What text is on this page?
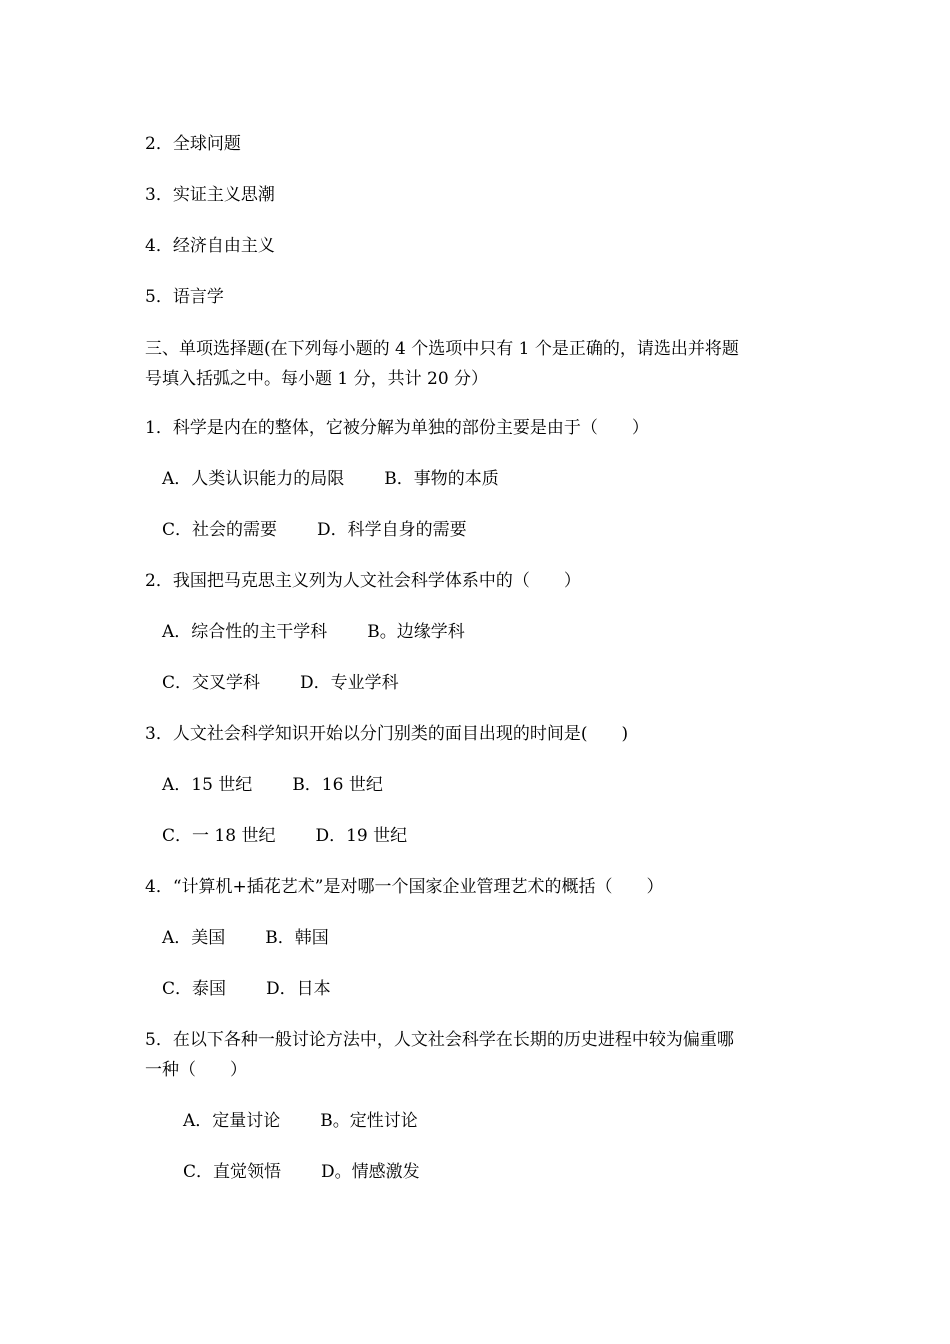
2．全球问题

3．实证主义思潮

4．经济自由主义

5．语言学

三、单项选择题(在下列每小题的 4 个选项中只有 1 个是正确的，请选出并将题

号填入括弧之中。每小题 1 分，共计 20 分）

1．科学是内在的整体，它被分解为单独的部份主要是由于（　　）

A．人类认识能力的局限 B．事物的本质

C．社会的需要 D．科学自身的需要

2．我国把马克思主义列为人文社会科学体系中的（　　）

A．综合性的主干学科 B。边缘学科

C．交叉学科 D．专业学科

3．人文社会科学知识开始以分门别类的面目出现的时间是(　　)

A．15 世纪 B．16 世纪

C．一 18 世纪 D．19 世纪

4．“计算机+插花艺术”是对哪一个国家企业管理艺术的概括（　　）

A．美国 B．韩国

C．泰国 D．日本

5．在以下各种一般讨论方法中，人文社会科学在长期的历史进程中较为偏重哪

一种（　　）

A．定量讨论 B。定性讨论

C．直觉领悟 D。情感激发
